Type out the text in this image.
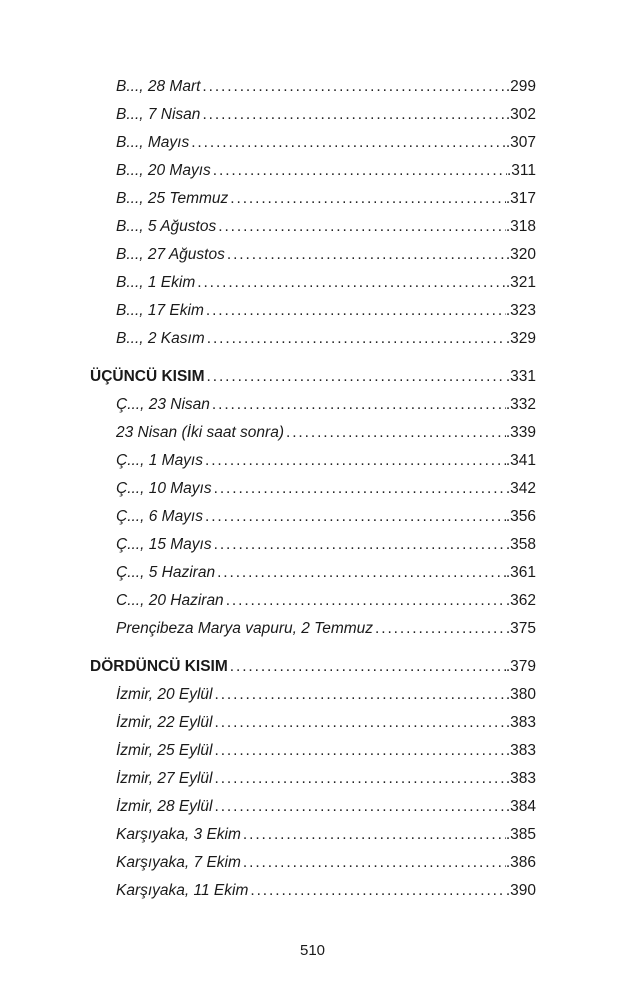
B..., 28 Mart . . .	.299
B..., 7 Nisan . . .	.302
B..., Mayıs . . .	.307
B..., 20 Mayıs . . .	.311
B..., 25 Temmuz . . .	.317
B..., 5 Ağustos . . .	.318
B..., 27 Ağustos . . .	.320
B..., 1 Ekim . . .	.321
B..., 17 Ekim . . .	.323
B..., 2 Kasım . . .	.329
ÜÇÜNCÜ KISIM . . .	.331
Ç..., 23 Nisan . . .	.332
23 Nisan (İki saat sonra) . . .	.339
Ç..., 1 Mayıs . . .	.341
Ç..., 10 Mayıs . . .	.342
Ç..., 6 Mayıs . . .	.356
Ç..., 15 Mayıs . . .	.358
Ç..., 5 Haziran . . .	.361
C..., 20 Haziran . . .	.362
Prençibeza Marya vapuru, 2 Temmuz . . .	.375
DÖRDÜNCÜ KISIM . . .	.379
İzmir, 20 Eylül . . .	.380
İzmir, 22 Eylül . . .	.383
İzmir, 25 Eylül . . .	.383
İzmir, 27 Eylül . . .	.383
İzmir, 28 Eylül . . .	.384
Karşıyaka, 3 Ekim . . .	.385
Karşıyaka, 7 Ekim . . .	.386
Karşıyaka, 11 Ekim . . .	.390
510
